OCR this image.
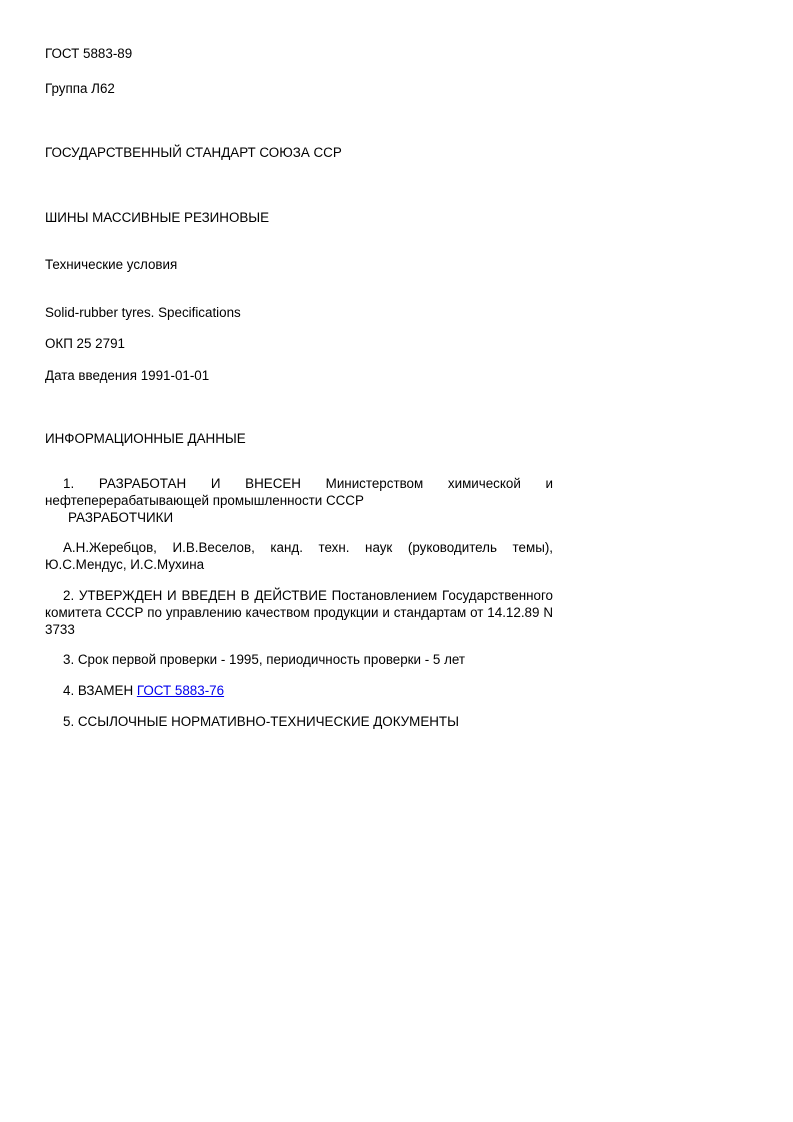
ГОСТ 5883-89
Группа Л62
ГОСУДАРСТВЕННЫЙ СТАНДАРТ СОЮЗА ССР
ШИНЫ МАССИВНЫЕ РЕЗИНОВЫЕ
Технические условия
Solid-rubber tyres. Specifications
ОКП 25 2791
Дата введения 1991-01-01
ИНФОРМАЦИОННЫЕ ДАННЫЕ
1. РАЗРАБОТАН И ВНЕСЕН Министерством химической и нефтеперерабатывающей промышленности СССР
РАЗРАБОТЧИКИ
А.Н.Жеребцов, И.В.Веселов, канд. техн. наук (руководитель темы), Ю.С.Мендус, И.С.Мухина
2. УТВЕРЖДЕН И ВВЕДЕН В ДЕЙСТВИЕ Постановлением Государственного комитета СССР по управлению качеством продукции и стандартам от 14.12.89 N 3733
3. Срок первой проверки - 1995, периодичность проверки - 5 лет
4. ВЗАМЕН ГОСТ 5883-76
5. ССЫЛОЧНЫЕ НОРМАТИВНО-ТЕХНИЧЕСКИЕ ДОКУМЕНТЫ
